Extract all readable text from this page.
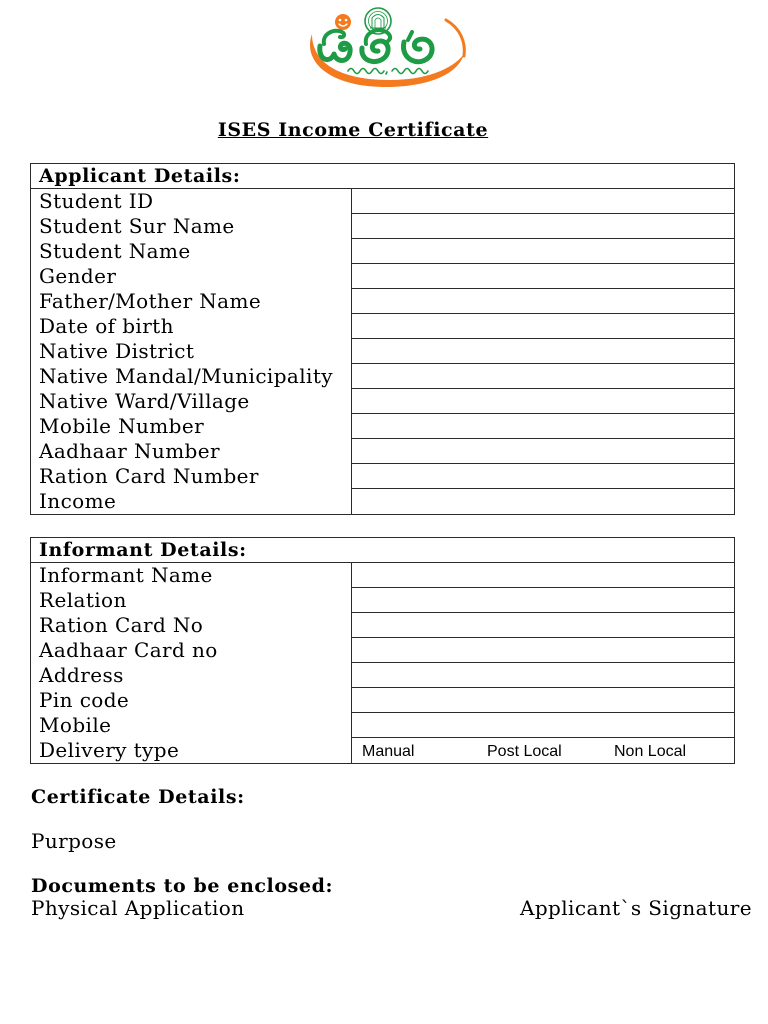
ISES Income Certificate
Applicant Details:
Student ID
Student Sur Name
Student Name
Gender
Father/Mother Name
Date of birth
Native District
Native Mandal/Municipality
Native Ward/Village
Mobile Number
Aadhaar Number
Ration Card Number
Income
Informant Details:
Informant Name
Relation
Ration Card No
Aadhaar Card no
Address
Pin code
Mobile
Delivery type	Manual	Post Local	Non Local
Certificate Details:
Purpose
Documents to be enclosed:
Physical Application	Applicant`s Signature
